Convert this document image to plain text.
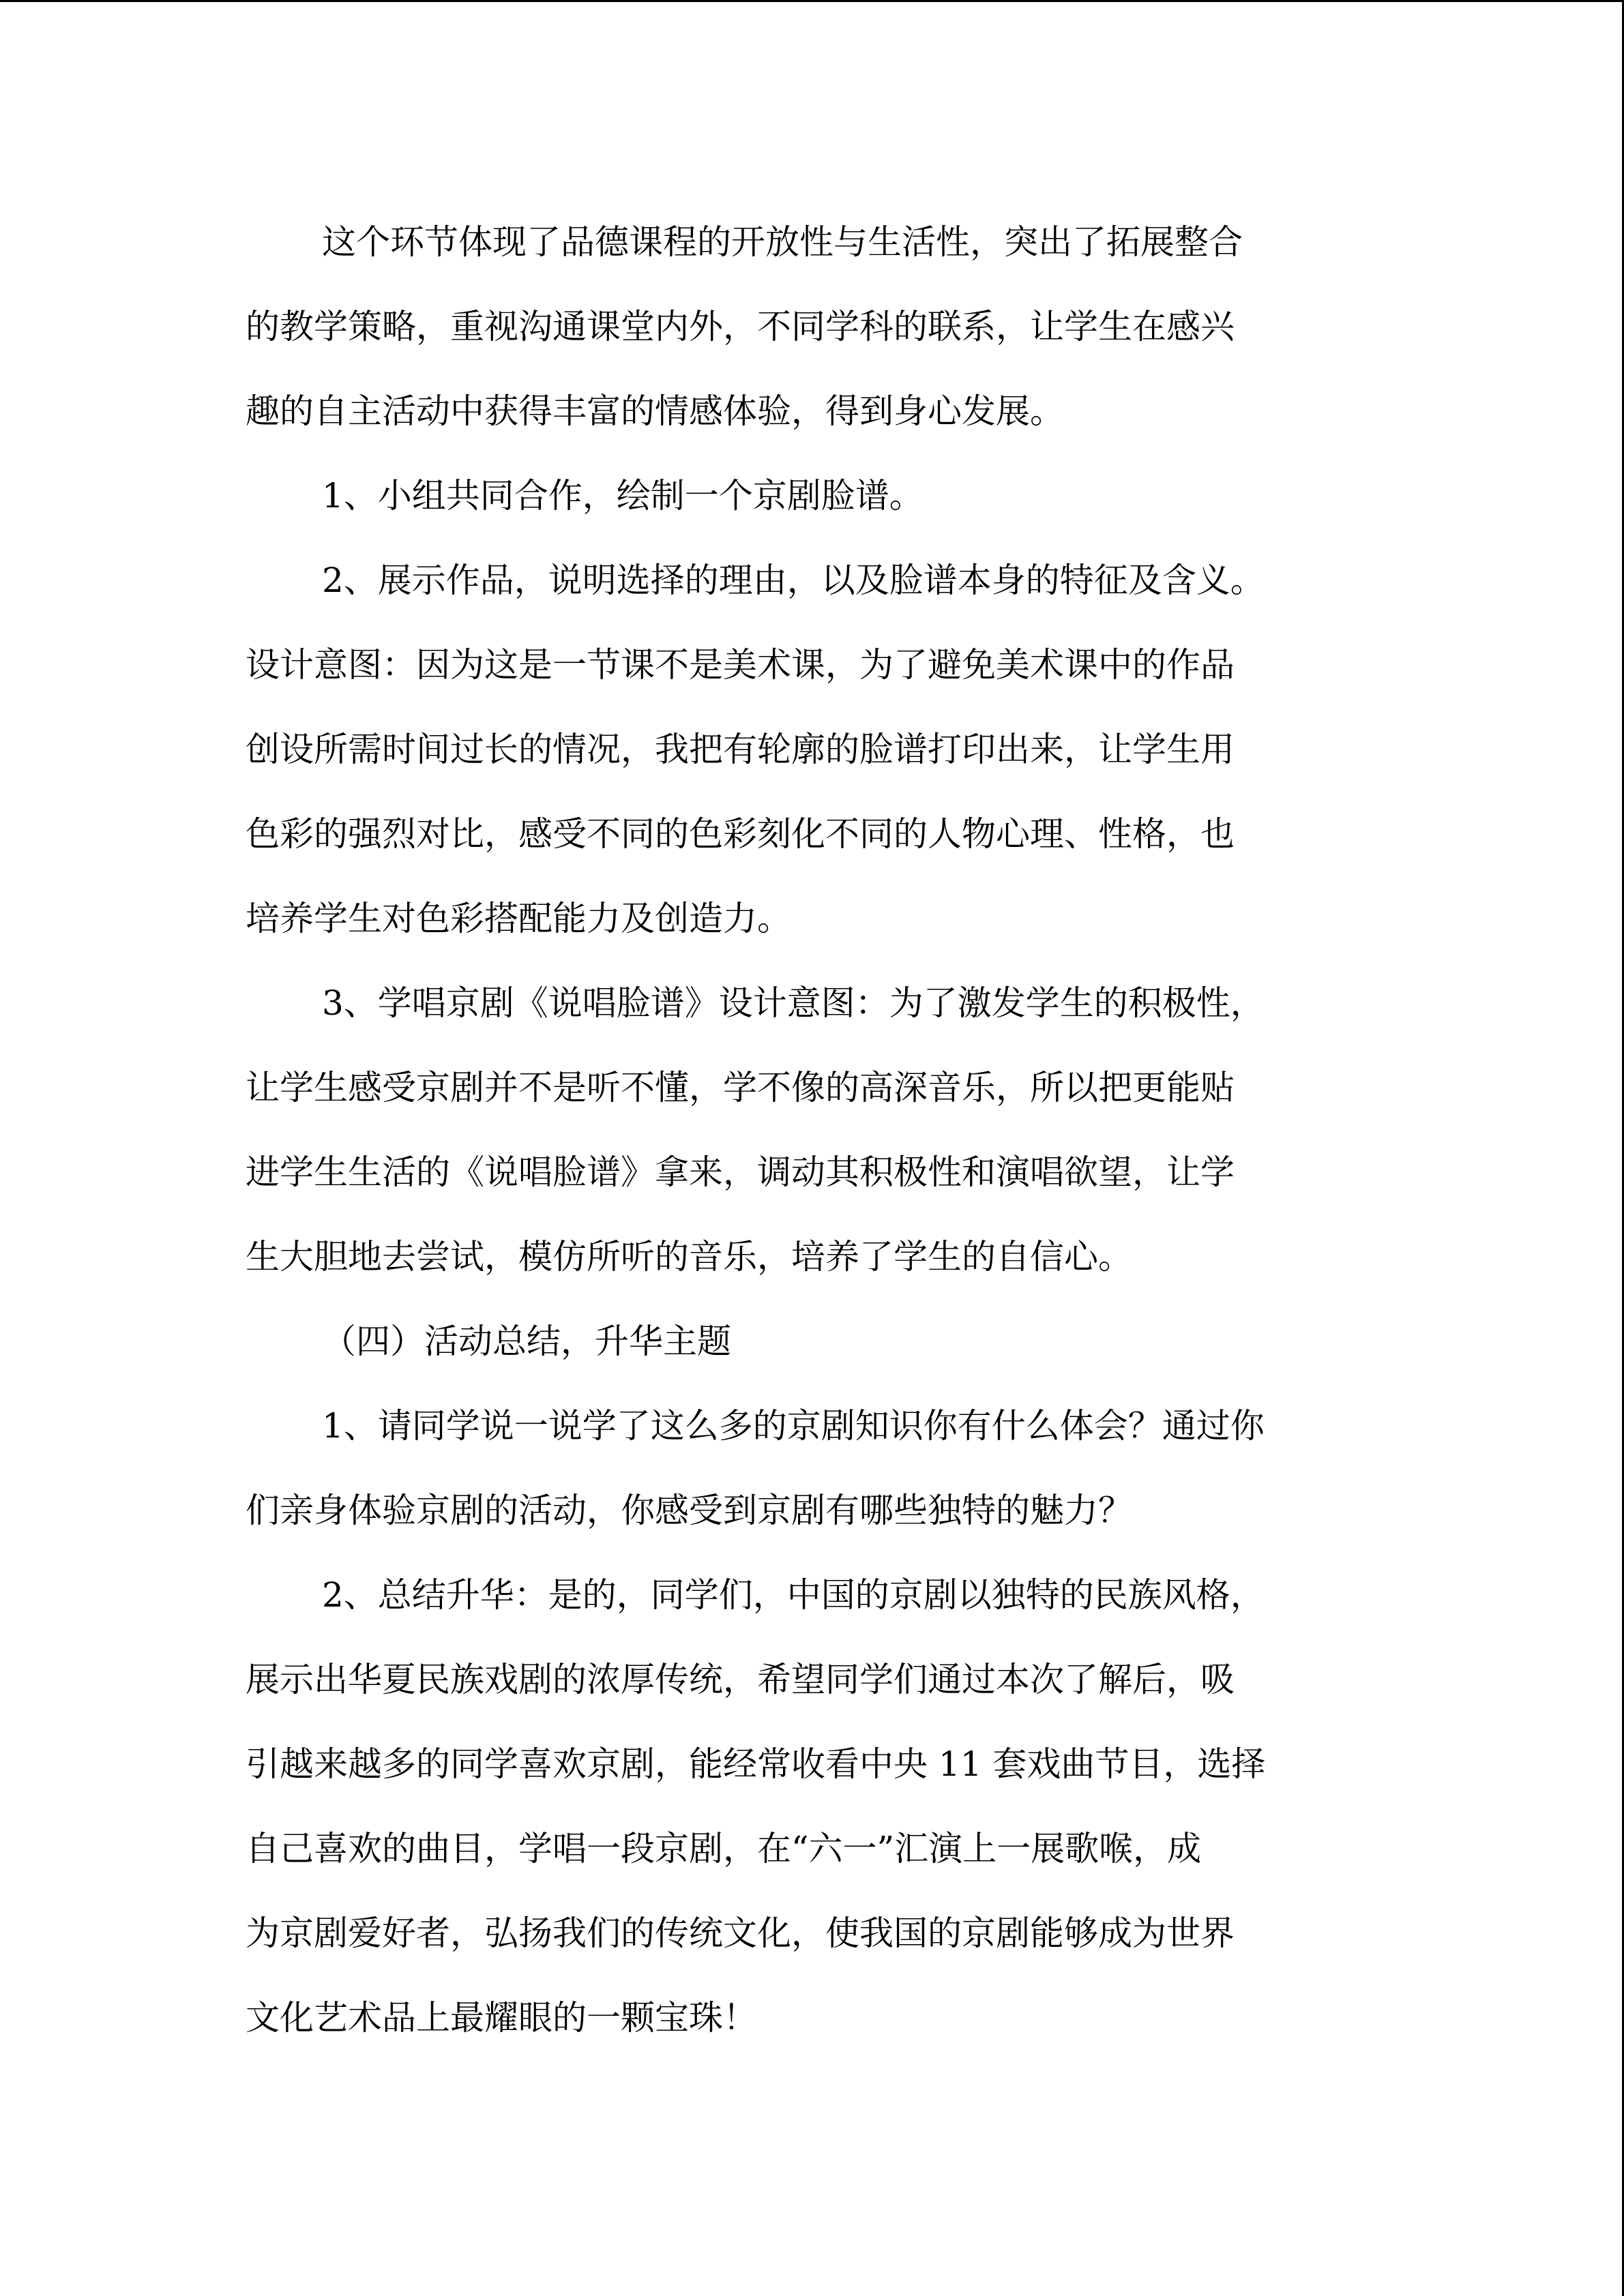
这个环节体现了品德课程的开放性与生活性，突出了拓展整合

的教学策略，重视沟通课堂内外，不同学科的联系，让学生在感兴

趣的自主活动中获得丰富的情感体验，得到身心发展。

1、小组共同合作，绘制一个京剧脸谱。

2、展示作品，说明选择的理由，以及脸谱本身的特征及含义。

设计意图：因为这是一节课不是美术课，为了避免美术课中的作品

创设所需时间过长的情况，我把有轮廓的脸谱打印出来，让学生用

色彩的强烈对比，感受不同的色彩刻化不同的人物心理、性格，也

培养学生对色彩搭配能力及创造力。

3、学唱京剧《说唱脸谱》设计意图：为了激发学生的积极性，

让学生感受京剧并不是听不懂，学不像的高深音乐，所以把更能贴

进学生生活的《说唱脸谱》拿来，调动其积极性和演唱欲望，让学

生大胆地去尝试，模仿所听的音乐，培养了学生的自信心。

（四）活动总结，升华主题

1、请同学说一说学了这么多的京剧知识你有什么体会？通过你

们亲身体验京剧的活动，你感受到京剧有哪些独特的魅力？

2、总结升华：是的，同学们，中国的京剧以独特的民族风格，

展示出华夏民族戏剧的浓厚传统，希望同学们通过本次了解后，吸

引越来越多的同学喜欢京剧，能经常收看中央 11 套戏曲节目，选择

自己喜欢的曲目，学唱一段京剧，在“六一”汇演上一展歌喉，成

为京剧爱好者，弘扬我们的传统文化，使我国的京剧能够成为世界

文化艺术品上最耀眼的一颗宝珠！
